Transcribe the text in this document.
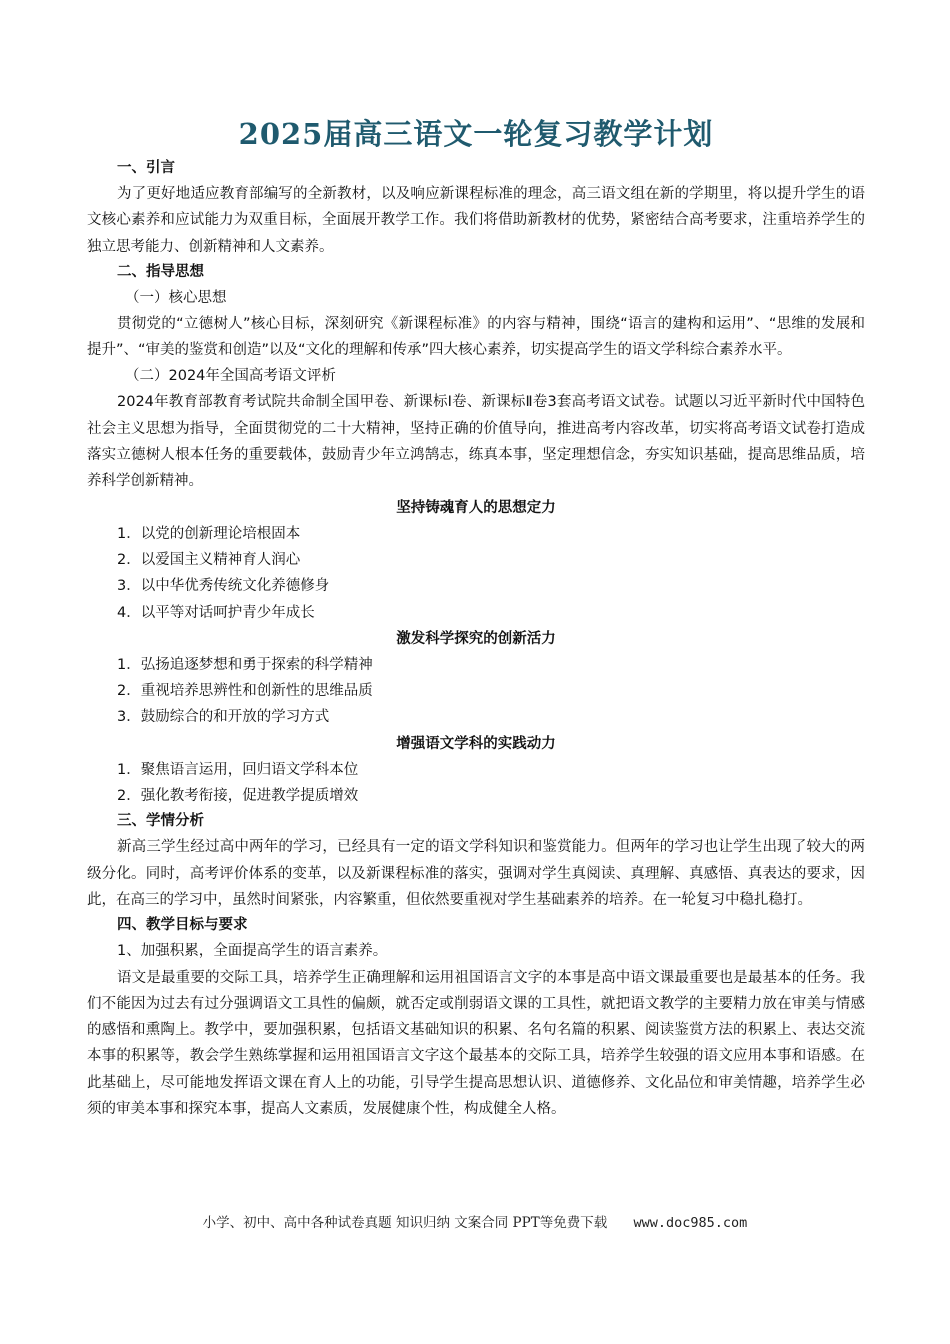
2025届高三语文一轮复习教学计划
一、引言
为了更好地适应教育部编写的全新教材，以及响应新课程标准的理念，高三语文组在新的学期里，将以提升学生的语文核心素养和应试能力为双重目标，全面展开教学工作。我们将借助新教材的优势，紧密结合高考要求，注重培养学生的独立思考能力、创新精神和人文素养。
二、指导思想
（一）核心思想
贯彻党的“立德树人”核心目标，深刻研究《新课程标准》的内容与精神，围绕“语言的建构和运用”、“思维的发展和提升”、“审美的鉴赏和创造”以及“文化的理解和传承”四大核心素养，切实提高学生的语文学科综合素养水平。
（二）2024年全国高考语文评析
2024年教育部教育考试院共命制全国甲卷、新课标Ⅰ卷、新课标Ⅱ卷3套高考语文试卷。试题以习近平新时代中国特色社会主义思想为指导，全面贯彻党的二十大精神，坚持正确的价值导向，推进高考内容改革，切实将高考语文试卷打造成落实立德树人根本任务的重要载体，鼓励青少年立鸿鹄志，练真本事，坚定理想信念，夯实知识基础，提高思维品质，培养科学创新精神。
坚持铸魂育人的思想定力
1．以党的创新理论培根固本
2．以爱国主义精神育人润心
3．以中华优秀传统文化养德修身
4．以平等对话呵护青少年成长
激发科学探究的创新活力
1．弘扬追逐梦想和勇于探索的科学精神
2．重视培养思辨性和创新性的思维品质
3．鼓励综合的和开放的学习方式
增强语文学科的实践动力
1．聚焦语言运用，回归语文学科本位
2．强化教考衔接，促进教学提质增效
三、学情分析
新高三学生经过高中两年的学习，已经具有一定的语文学科知识和鉴赏能力。但两年的学习也让学生出现了较大的两级分化。同时，高考评价体系的变革，以及新课程标准的落实，强调对学生真阅读、真理解、真感悟、真表达的要求，因此，在高三的学习中，虽然时间紧张，内容繁重，但依然要重视对学生基础素养的培养。在一轮复习中稳扎稳打。
四、教学目标与要求
1、加强积累，全面提高学生的语言素养。
语文是最重要的交际工具，培养学生正确理解和运用祖国语言文字的本事是高中语文课最重要也是最基本的任务。我们不能因为过去有过分强调语文工具性的偏颇，就否定或削弱语文课的工具性，就把语文教学的主要精力放在审美与情感的感悟和熏陶上。教学中，要加强积累，包括语文基础知识的积累、名句名篇的积累、阅读鉴赏方法的积累上、表达交流本事的积累等，教会学生熟练掌握和运用祖国语言文字这个最基本的交际工具，培养学生较强的语文应用本事和语感。在此基础上，尽可能地发挥语文课在育人上的功能，引导学生提高思想认识、道德修养、文化品位和审美情趣，培养学生必须的审美本事和探究本事，提高人文素质，发展健康个性，构成健全人格。
小学、初中、高中各种试卷真题 知识归纳 文案合同 PPT等免费下载 www.doc985.com
